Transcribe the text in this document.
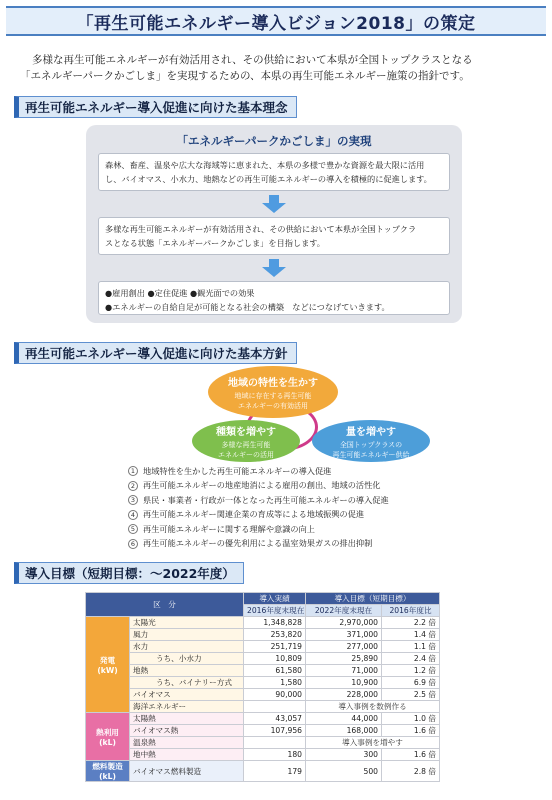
「再生可能エネルギー導入ビジョン2018」の策定

多様な再生可能エネルギーが有効活用され、その供給において本県が全国トップクラスとなる

「エネルギーパークかごしま」を実現するための、本県の再生可能エネルギー施策の指針です。

再生可能エネルギー導入促進に向けた基本理念
「エネルギーパークかごしま」の実現

森林、畜産、温泉や広大な海域等に恵まれた、本県の多様で豊かな資源を最大限に活用

し、バイオマス、小水力、地熱などの再生可能エネルギーの導入を積極的に促進します。

多様な再生可能エネルギーが有効活用され、その供給において本県が全国トップクラ

スとなる状態「エネルギーパークかごしま」を目指します。

●雇用創出 ●定住促進 ●観光面での効果

●エネルギーの自給自足が可能となる社会の構築　などにつなげていきます。

再生可能エネルギー導入促進に向けた基本方針
地域の特性を生かす
地域に存在する再生可能
エネルギーの有効活用
種類を増やす
多様な再生可能
エネルギーの活用
量を増やす
全国トップクラスの
再生可能エネルギー供給
1 地域特性を生かした再生可能エネルギーの導入促進
2 再生可能エネルギーの地産地消による雇用の創出、地域の活性化
3 県民・事業者・行政が一体となった再生可能エネルギーの導入促進
4 再生可能エネルギー関連企業の育成等による地域振興の促進
5 再生可能エネルギーに関する理解や意識の向上
6 再生可能エネルギーの優先利用による温室効果ガスの排出抑制
導入目標（短期目標：～2022年度）
区　分		導入実績	導入目標（短期目標）	
		2016年度末現在	2022年度末現在	2016年度比

発電
(kW)	太陽光	1,348,828	2,970,000	2.2 倍
	風力	253,820	371,000	1.4 倍
	水力	251,719	277,000	1.1 倍
	うち、小水力	10,809	25,890	2.4 倍
	地熱	61,580	71,000	1.2 倍
	うち、バイナリー方式	1,580	10,900	6.9 倍
	バイオマス	90,000	228,000	2.5 倍
	海洋エネルギー		導入事例を数例作る	

熱利用
(kL)	太陽熱	43,057	44,000	1.0 倍
	バイオマス熱	107,956	168,000	1.6 倍
	温泉熱		導入事例を増やす	
	地中熱	180	300	1.6 倍

燃料製造
(kL)	バイオマス燃料製造	179	500	2.8 倍
